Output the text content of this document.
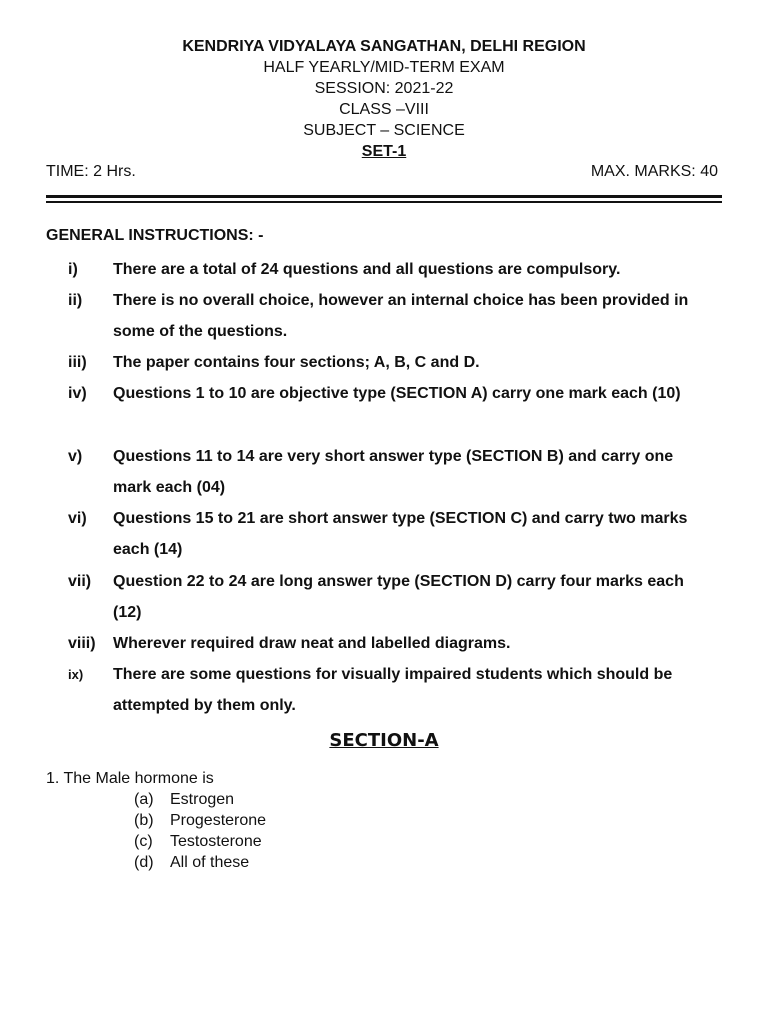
KENDRIYA VIDYALAYA SANGATHAN, DELHI REGION
HALF YEARLY/MID-TERM EXAM
SESSION: 2021-22
CLASS –VIII
SUBJECT – SCIENCE
SET-1
TIME: 2 Hrs.	MAX. MARKS: 40
GENERAL INSTRUCTIONS: -
i) There are a total of 24 questions and all questions are compulsory.
ii) There is no overall choice, however an internal choice has been provided in some of the questions.
iii) The paper contains four sections; A, B, C and D.
iv) Questions 1 to 10 are objective type (SECTION A) carry one mark each (10)
v) Questions 11 to 14 are very short answer type (SECTION B) and carry one mark each (04)
vi) Questions 15 to 21 are short answer type (SECTION C) and carry two marks each (14)
vii) Question 22 to 24 are long answer type (SECTION D) carry four marks each (12)
viii) Wherever required draw neat and labelled diagrams.
ix) There are some questions for visually impaired students which should be attempted by them only.
SECTION-A
1. The Male hormone is
(a) Estrogen
(b) Progesterone
(c) Testosterone
(d) All of these
